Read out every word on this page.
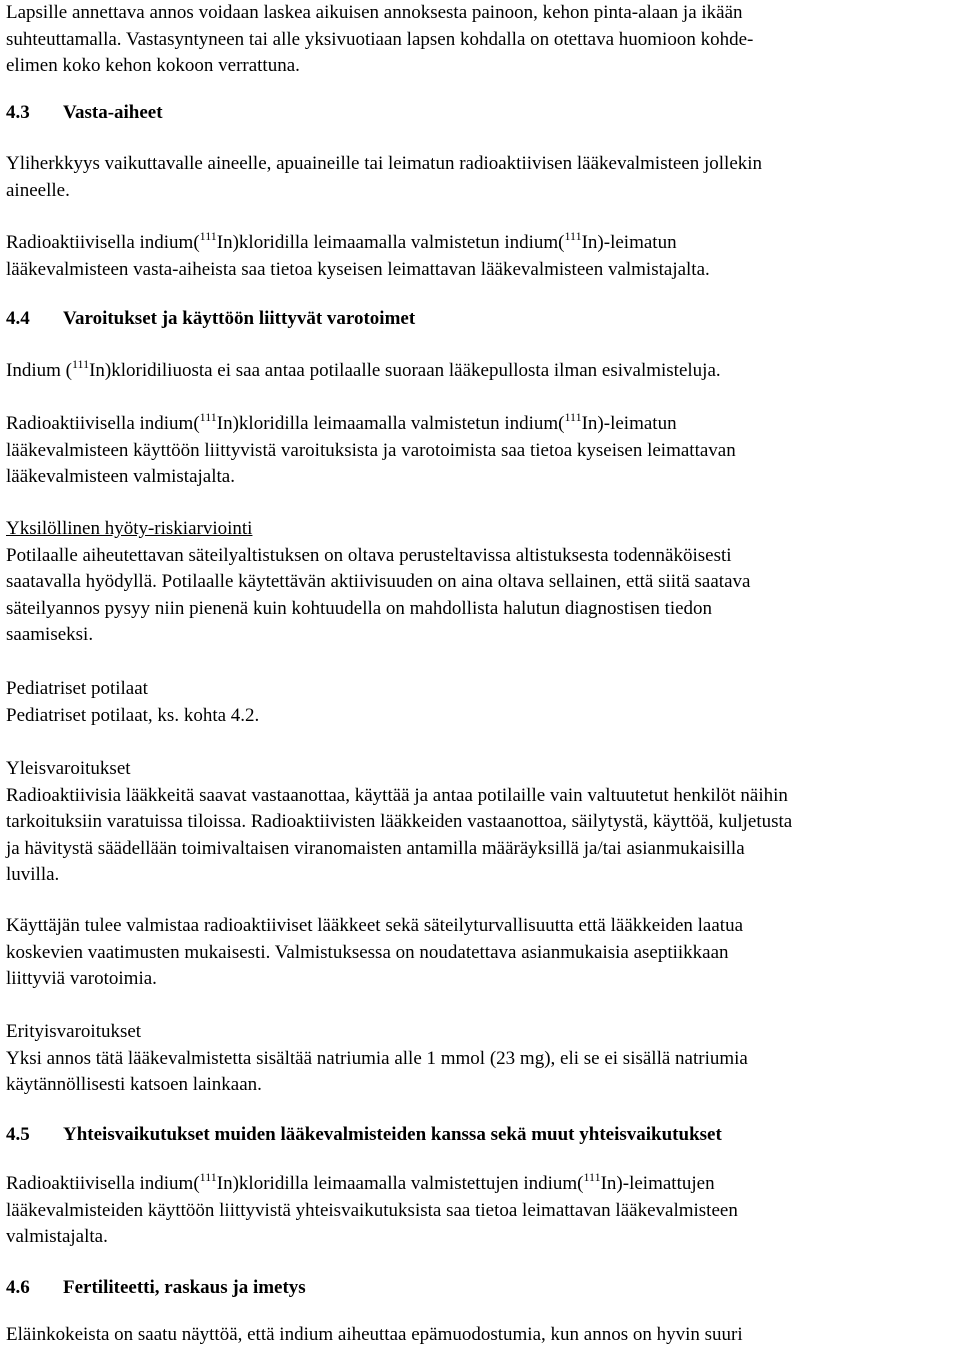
Lapsille annettava annos voidaan laskea aikuisen annoksesta painoon, kehon pinta-alaan ja ikään
suhteuttamalla. Vastasyntyneen tai alle yksivuotiaan lapsen kohdalla on otettava huomioon kohde-
elimen koko kehon kokoon verrattuna.
4.3 Vasta-aiheet
Yliherkkyys vaikuttavalle aineelle, apuaineille tai leimatun radioaktiivisen lääkevalmisteen jollekin
aineelle.
Radioaktiivisella indium($^{111}$In)kloridilla leimaamalla valmistetun indium($^{111}$In)-leimatun
lääkevalmisteen vasta-aiheista saa tietoa kyseisen leimattavan lääkevalmisteen valmistajalta.
4.4 Varoitukset ja käyttöön liittyvät varotoimet
Indium ($^{111}$In)kloridiliuosta ei saa antaa potilaalle suoraan lääkepullosta ilman esivalmisteluja.
Radioaktiivisella indium($^{111}$In)kloridilla leimaamalla valmistetun indium($^{111}$In)-leimatun
lääkevalmisteen käyttöön liittyvistä varoituksista ja varotoimista saa tietoa kyseisen leimattavan
lääkevalmisteen valmistajalta.
Yksilöllinen hyöty-riskiarviointi
Potilaalle aiheutettavan säteilyaltistuksen on oltava perusteltavissa altistuksesta todennäköisesti
saatavalla hyödyllä. Potilaalle käytettävän aktiivisuuden on aina oltava sellainen, että siitä saatava
säteilyannos pysyy niin pienenä kuin kohtuudella on mahdollista halutun diagnostisen tiedon
saamiseksi.
Pediatriset potilaat
Pediatriset potilaat, ks. kohta 4.2.
Yleisvaroitukset
Radioaktiivisia lääkkeitä saavat vastaanottaa, käyttää ja antaa potilaille vain valtuutetut henkilöt näihin
tarkoituksiin varatuissa tiloissa. Radioaktiivisten lääkkeiden vastaanottoa, säilytystä, käyttöä, kuljetusta
ja hävitystä säädellään toimivaltaisen viranomaisten antamilla määräyksillä ja/tai asianmukaisilla
luvilla.
Käyttäjän tulee valmistaa radioaktiiviset lääkkeet sekä säteilyturvallisuutta että lääkkeiden laatua
koskevien vaatimusten mukaisesti. Valmistuksessa on noudatettava asianmukaisia aseptiikkaan
liittyviä varotoimia.
Erityisvaroitukset
Yksi annos tätä lääkevalmistetta sisältää natriumia alle 1 mmol (23 mg), eli se ei sisällä natriumia
käytännöllisesti katsoen lainkaan.
4.5 Yhteisvaikutukset muiden lääkevalmisteiden kanssa sekä muut yhteisvaikutukset
Radioaktiivisella indium($^{111}$In)kloridilla leimaamalla valmistettujen indium($^{111}$In)-leimattujen
lääkevalmisteiden käyttöön liittyvistä yhteisvaikutuksista saa tietoa leimattavan lääkevalmisteen
valmistajalta.
4.6 Fertiliteetti, raskaus ja imetys
Eläinkokeista on saatu näyttöä, että indium aiheuttaa epämuodostumia, kun annos on hyvin suuri
